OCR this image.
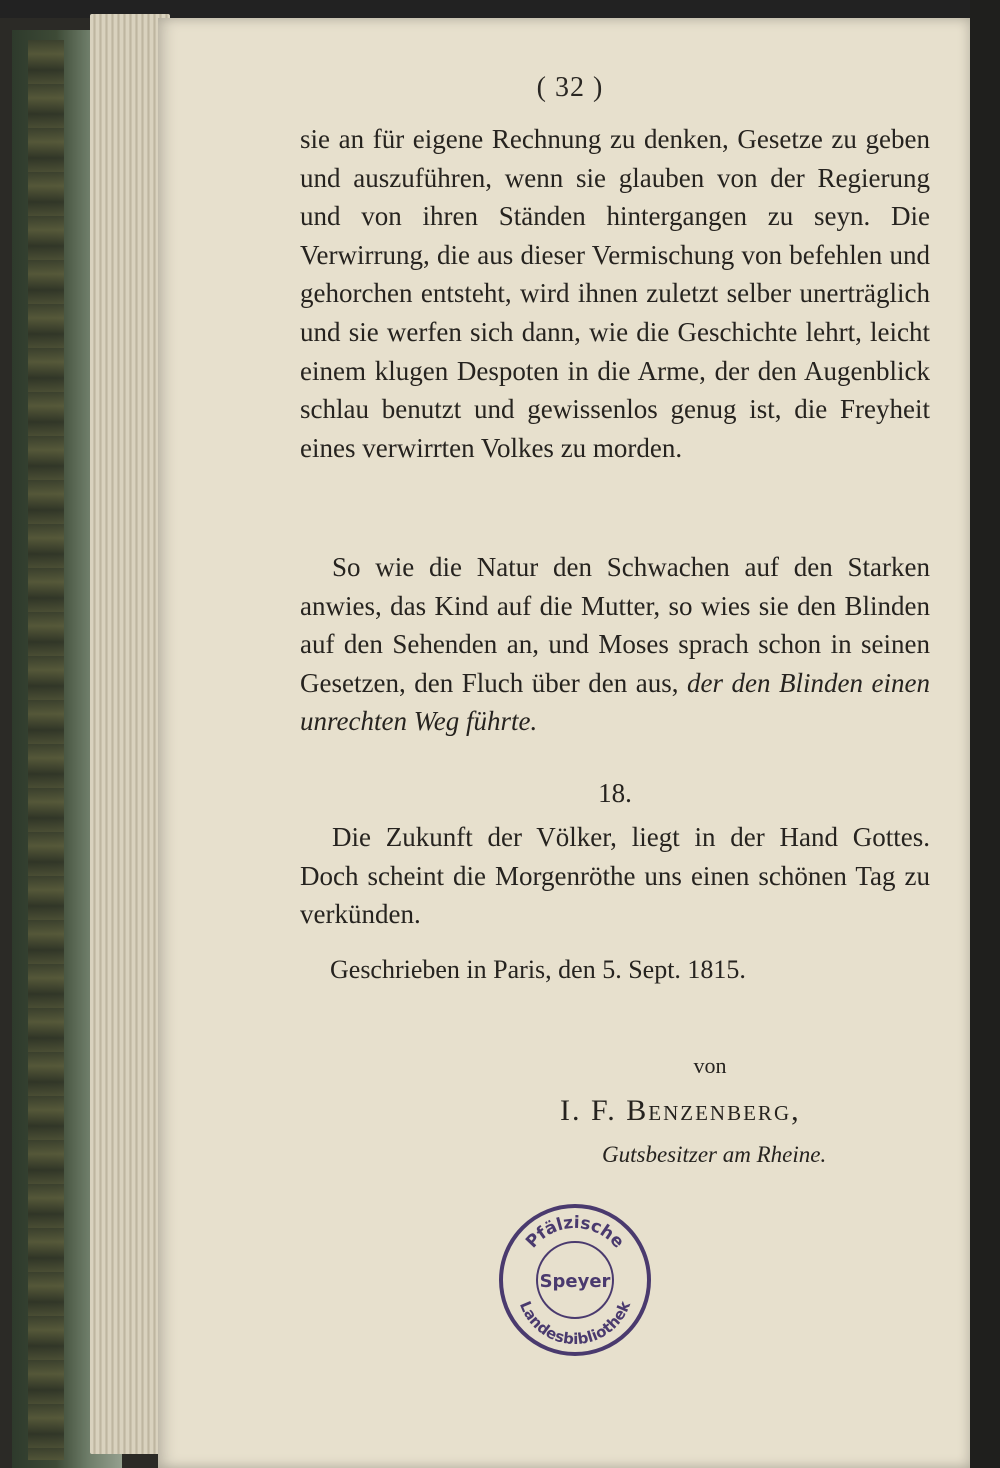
( 32 )

sie an für eigene Rechnung zu denken, Gesetze zu geben und auszuführen, wenn sie glauben von der Regierung und von ihren Ständen hintergangen zu seyn. Die Verwirrung, die aus dieser Vermischung von befehlen und gehorchen entsteht, wird ihnen zuletzt selber unerträglich und sie werfen sich dann, wie die Geschichte lehrt, leicht einem klugen Despoten in die Arme, der den Augenblick schlau benutzt und gewissenlos genug ist, die Freyheit eines verwirrten Volkes zu morden.

So wie die Natur den Schwachen auf den Starken anwies, das Kind auf die Mutter, so wies sie den Blinden auf den Sehenden an, und Moses sprach schon in seinen Gesetzen, den Fluch über den aus, der den Blinden einen unrechten Weg führte.

18.

Die Zukunft der Völker, liegt in der Hand Gottes. Doch scheint die Morgenröthe uns einen schönen Tag zu verkünden.

Geschrieben in Paris, den 5. Sept. 1815.
von
I. F. Benzenberg,
Gutsbesitzer am Rheine.
Pfälzische
Speyer
Landesbibliothek
